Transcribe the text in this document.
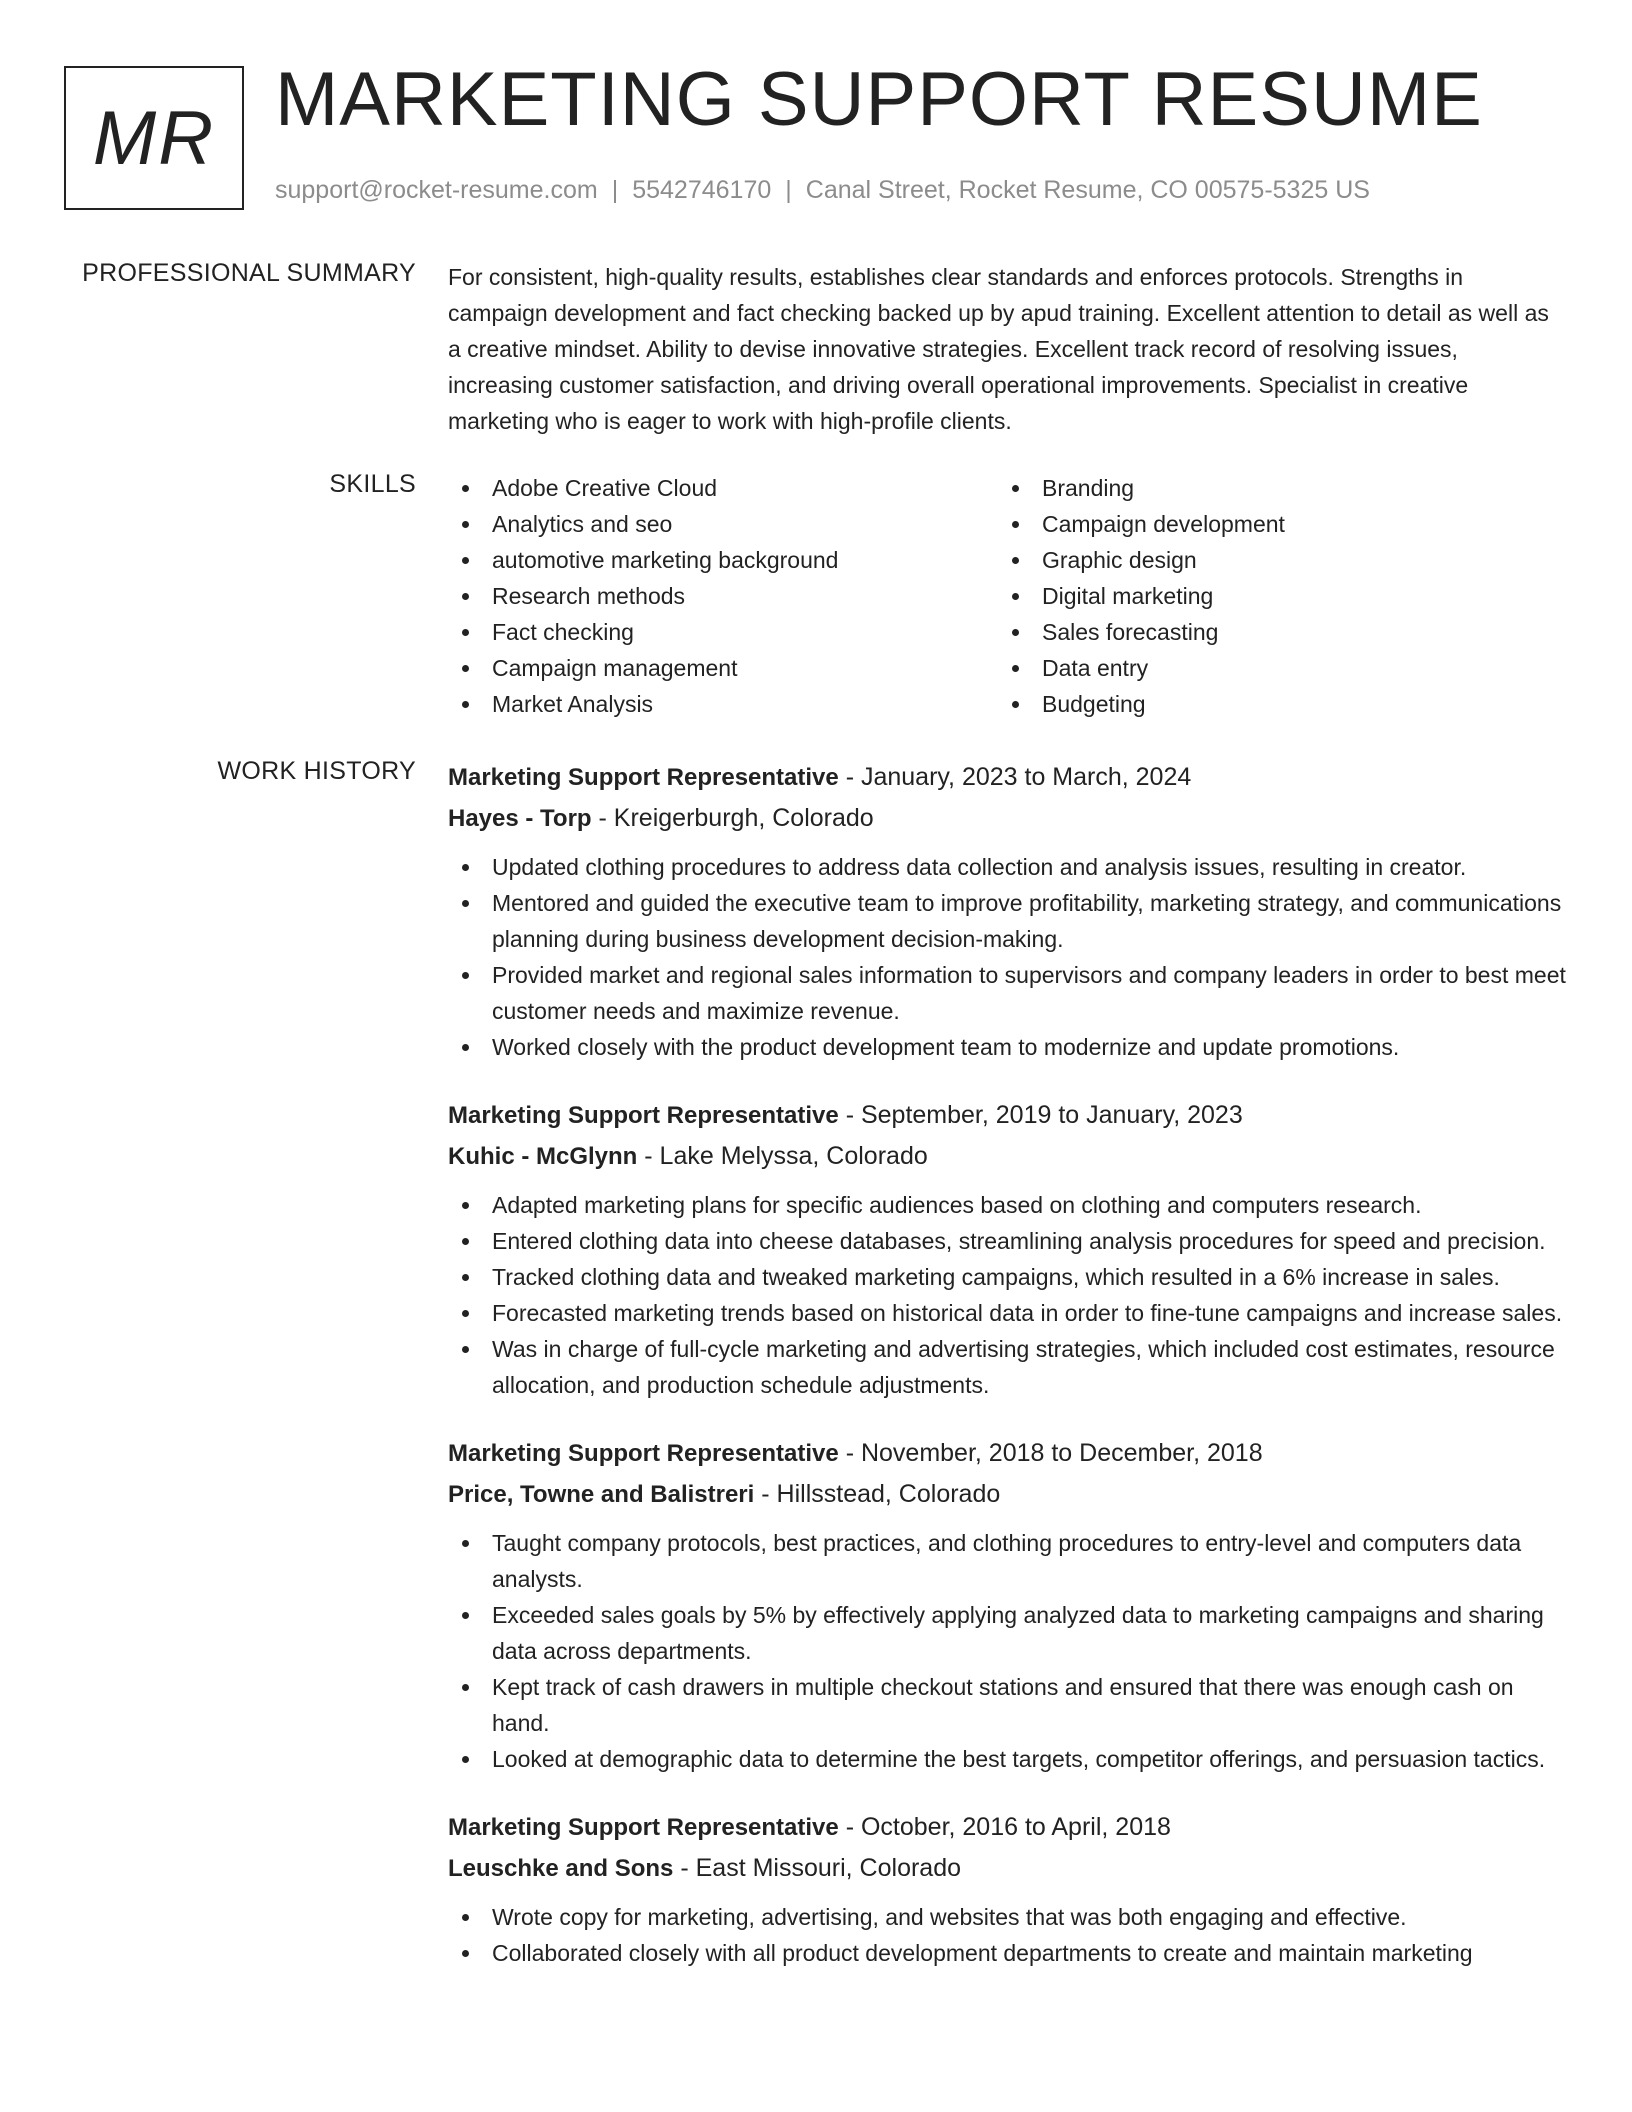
MR MARKETING SUPPORT RESUME
support@rocket-resume.com | 5542746170 | Canal Street, Rocket Resume, CO 00575-5325 US
PROFESSIONAL SUMMARY For consistent, high-quality results, establishes clear standards and enforces protocols. Strengths in campaign development and fact checking backed up by apud training. Excellent attention to detail as well as a creative mindset. Ability to devise innovative strategies. Excellent track record of resolving issues, increasing customer satisfaction, and driving overall operational improvements. Specialist in creative marketing who is eager to work with high-profile clients.
SKILLS	Adobe Creative Cloud
Analytics and seo
automotive marketing background
Research methods
Fact checking
Campaign management
Market Analysis
Branding
Campaign development
Graphic design
Digital marketing
Sales forecasting
Data entry
Budgeting
WORK HISTORY Marketing Support Representative - January, 2023 to March, 2024
Hayes - Torp - Kreigerburgh, Colorado
Updated clothing procedures to address data collection and analysis issues, resulting in creator.
Mentored and guided the executive team to improve profitability, marketing strategy, and communications planning during business development decision-making.
Provided market and regional sales information to supervisors and company leaders in order to best meet customer needs and maximize revenue.
Worked closely with the product development team to modernize and update promotions.
Marketing Support Representative - September, 2019 to January, 2023
Kuhic - McGlynn - Lake Melyssa, Colorado
Adapted marketing plans for specific audiences based on clothing and computers research.
Entered clothing data into cheese databases, streamlining analysis procedures for speed and precision.
Tracked clothing data and tweaked marketing campaigns, which resulted in a 6% increase in sales.
Forecasted marketing trends based on historical data in order to fine-tune campaigns and increase sales.
Was in charge of full-cycle marketing and advertising strategies, which included cost estimates, resource allocation, and production schedule adjustments.
Marketing Support Representative - November, 2018 to December, 2018
Price, Towne and Balistreri - Hillsstead, Colorado
Taught company protocols, best practices, and clothing procedures to entry-level and computers data analysts.
Exceeded sales goals by 5% by effectively applying analyzed data to marketing campaigns and sharing data across departments.
Kept track of cash drawers in multiple checkout stations and ensured that there was enough cash on hand.
Looked at demographic data to determine the best targets, competitor offerings, and persuasion tactics.
Marketing Support Representative - October, 2016 to April, 2018
Leuschke and Sons - East Missouri, Colorado
Wrote copy for marketing, advertising, and websites that was both engaging and effective.
Collaborated closely with all product development departments to create and maintain marketing
